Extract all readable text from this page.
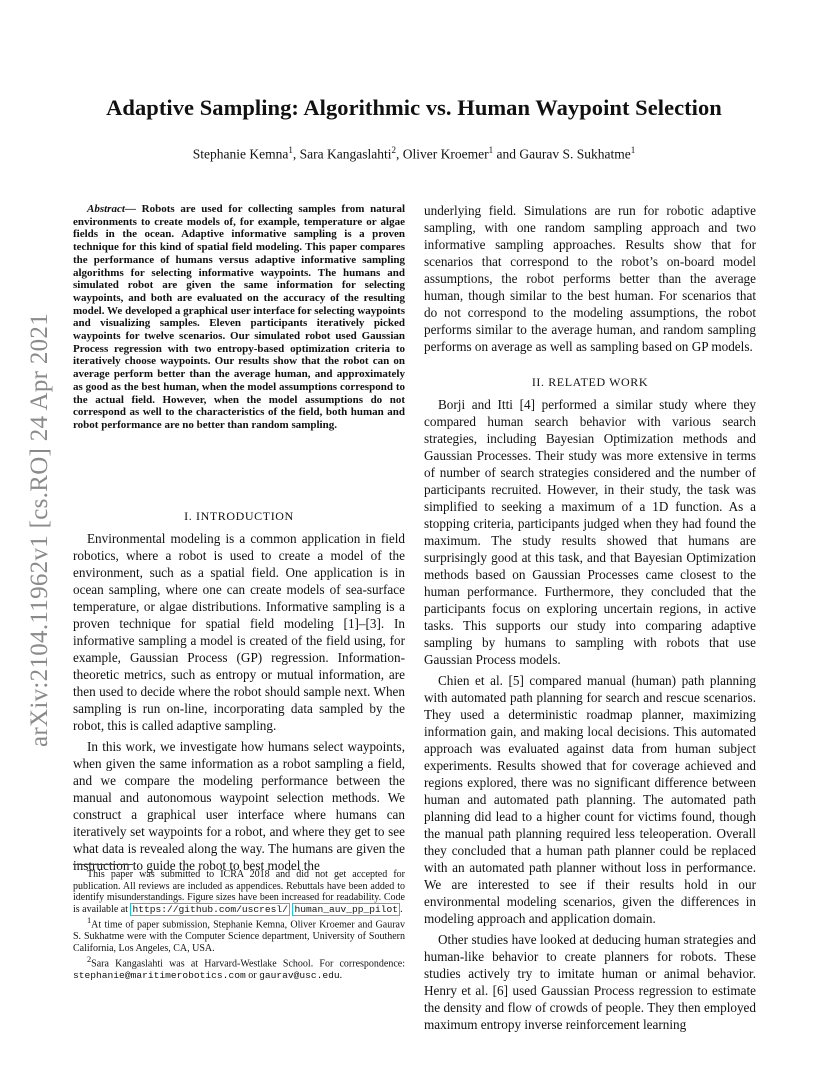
Adaptive Sampling: Algorithmic vs. Human Waypoint Selection
Stephanie Kemna$^1$, Sara Kangaslahti$^2$, Oliver Kroemer$^1$ and Gaurav S. Sukhatme$^1$
arXiv:2104.11962v1 [cs.RO] 24 Apr 2021

Abstract— Robots are used for collecting samples from natural environments to create models of, for example, temperature or algae fields in the ocean. Adaptive informative sampling is a proven technique for this kind of spatial field modeling. This paper compares the performance of humans versus adaptive informative sampling algorithms for selecting informative waypoints. The humans and simulated robot are given the same information for selecting waypoints, and both are evaluated on the accuracy of the resulting model. We developed a graphical user interface for selecting waypoints and visualizing samples. Eleven participants iteratively picked waypoints for twelve scenarios. Our simulated robot used Gaussian Process regression with two entropy-based optimization criteria to iteratively choose waypoints. Our results show that the robot can on average perform better than the average human, and approximately as good as the best human, when the model assumptions correspond to the actual field. However, when the model assumptions do not correspond as well to the characteristics of the field, both human and robot performance are no better than random sampling.

I. INTRODUCTION

Environmental modeling is a common application in field robotics, where a robot is used to create a model of the environment, such as a spatial field. One application is in ocean sampling, where one can create models of sea-surface temperature, or algae distributions. Informative sampling is a proven technique for spatial field modeling [1]–[3]. In informative sampling a model is created of the field using, for example, Gaussian Process (GP) regression. Information-theoretic metrics, such as entropy or mutual information, are then used to decide where the robot should sample next. When sampling is run on-line, incorporating data sampled by the robot, this is called adaptive sampling.

In this work, we investigate how humans select waypoints, when given the same information as a robot sampling a field, and we compare the modeling performance between the manual and autonomous waypoint selection methods. We construct a graphical user interface where humans can iteratively set waypoints for a robot, and where they get to see what data is revealed along the way. The humans are given the instruction to guide the robot to best model the

This paper was submitted to ICRA 2018 and did not get accepted for publication. All reviews are included as appendices. Rebuttals have been added to identify misunderstandings. Figure sizes have been increased for readability. Code is available at https://github.com/uscresl/ human_auv_pp_pilot .

$^1$At time of paper submission, Stephanie Kemna, Oliver Kroemer and Gaurav S. Sukhatme were with the Computer Science department, University of Southern California, Los Angeles, CA, USA.

$^2$Sara Kangaslahti was at Harvard-Westlake School. For correspondence: stephanie@maritimerobotics.com or gaurav@usc.edu.

underlying field. Simulations are run for robotic adaptive sampling, with one random sampling approach and two informative sampling approaches. Results show that for scenarios that correspond to the robot’s on-board model assumptions, the robot performs better than the average human, though similar to the best human. For scenarios that do not correspond to the modeling assumptions, the robot performs similar to the average human, and random sampling performs on average as well as sampling based on GP models.

II. RELATED WORK

Borji and Itti [4] performed a similar study where they compared human search behavior with various search strategies, including Bayesian Optimization methods and Gaussian Processes. Their study was more extensive in terms of number of search strategies considered and the number of participants recruited. However, in their study, the task was simplified to seeking a maximum of a 1D function. As a stopping criteria, participants judged when they had found the maximum. The study results showed that humans are surprisingly good at this task, and that Bayesian Optimization methods based on Gaussian Processes came closest to the human performance. Furthermore, they concluded that the participants focus on exploring uncertain regions, in active tasks. This supports our study into comparing adaptive sampling by humans to sampling with robots that use Gaussian Process models.

Chien et al. [5] compared manual (human) path planning with automated path planning for search and rescue scenarios. They used a deterministic roadmap planner, maximizing information gain, and making local decisions. This automated approach was evaluated against data from human subject experiments. Results showed that for coverage achieved and regions explored, there was no significant difference between human and automated path planning. The automated path planning did lead to a higher count for victims found, though the manual path planning required less teleoperation. Overall they concluded that a human path planner could be replaced with an automated path planner without loss in performance. We are interested to see if their results hold in our environmental modeling scenarios, given the differences in modeling approach and application domain.

Other studies have looked at deducing human strategies and human-like behavior to create planners for robots. These studies actively try to imitate human or animal behavior. Henry et al. [6] used Gaussian Process regression to estimate the density and flow of crowds of people. They then employed maximum entropy inverse reinforcement learning
